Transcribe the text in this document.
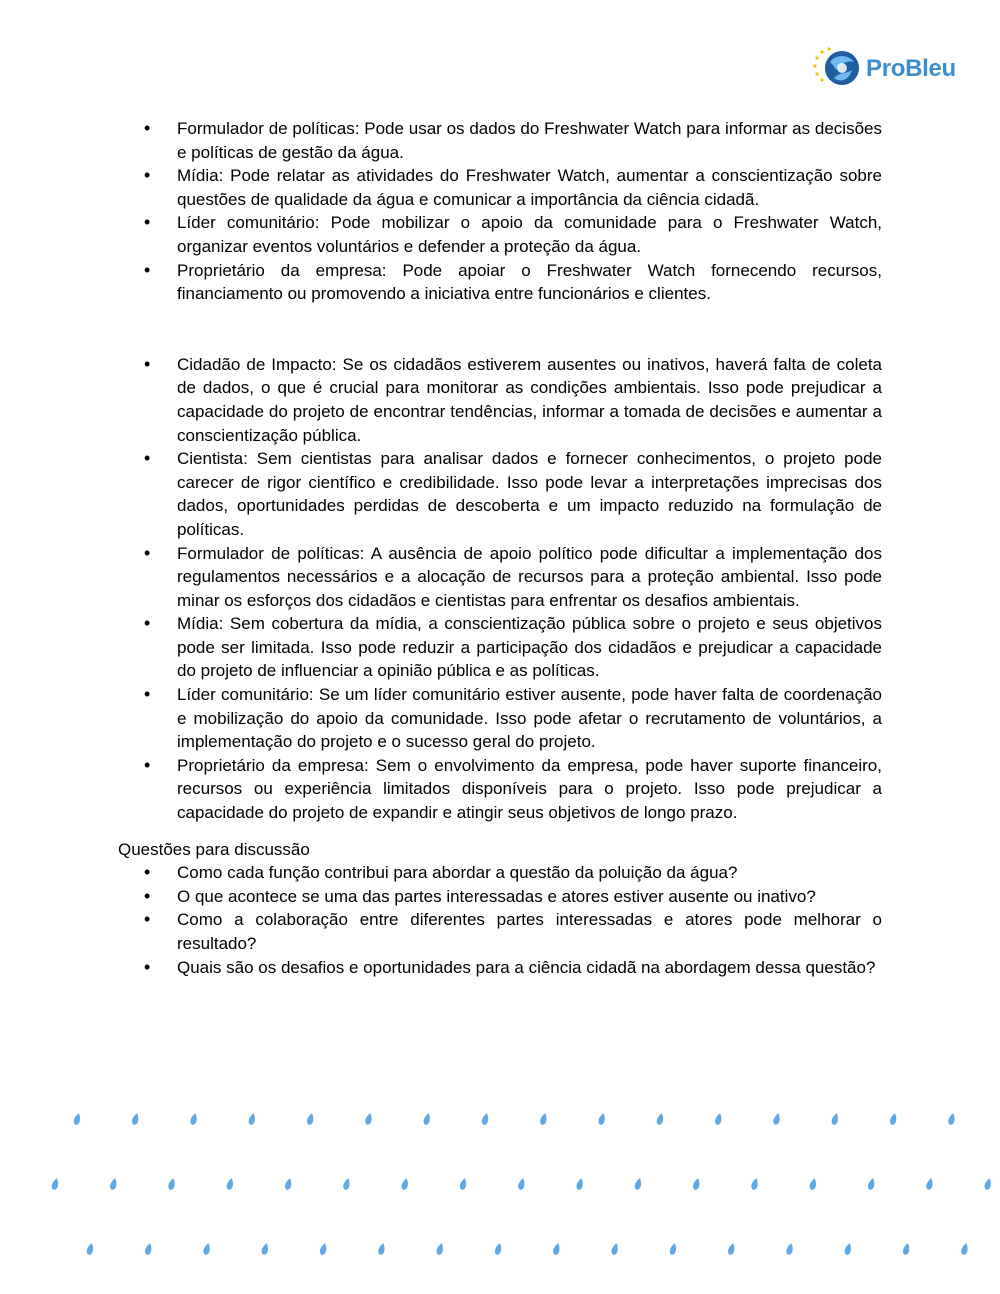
ProBleu
• Formulador de políticas: Pode usar os dados do Freshwater Watch para informar as decisões e políticas de gestão da água.
• Mídia: Pode relatar as atividades do Freshwater Watch, aumentar a conscientização sobre questões de qualidade da água e comunicar a importância da ciência cidadã.
• Líder comunitário: Pode mobilizar o apoio da comunidade para o Freshwater Watch, organizar eventos voluntários e defender a proteção da água.
• Proprietário da empresa: Pode apoiar o Freshwater Watch fornecendo recursos, financiamento ou promovendo a iniciativa entre funcionários e clientes.
• Cidadão de Impacto: Se os cidadãos estiverem ausentes ou inativos, haverá falta de coleta de dados, o que é crucial para monitorar as condições ambientais. Isso pode prejudicar a capacidade do projeto de encontrar tendências, informar a tomada de decisões e aumentar a conscientização pública.
• Cientista: Sem cientistas para analisar dados e fornecer conhecimentos, o projeto pode carecer de rigor científico e credibilidade. Isso pode levar a interpretações imprecisas dos dados, oportunidades perdidas de descoberta e um impacto reduzido na formulação de políticas.
• Formulador de políticas: A ausência de apoio político pode dificultar a implementação dos regulamentos necessários e a alocação de recursos para a proteção ambiental. Isso pode minar os esforços dos cidadãos e cientistas para enfrentar os desafios ambientais.
• Mídia: Sem cobertura da mídia, a conscientização pública sobre o projeto e seus objetivos pode ser limitada. Isso pode reduzir a participação dos cidadãos e prejudicar a capacidade do projeto de influenciar a opinião pública e as políticas.
• Líder comunitário: Se um líder comunitário estiver ausente, pode haver falta de coordenação e mobilização do apoio da comunidade. Isso pode afetar o recrutamento de voluntários, a implementação do projeto e o sucesso geral do projeto.
• Proprietário da empresa: Sem o envolvimento da empresa, pode haver suporte financeiro, recursos ou experiência limitados disponíveis para o projeto. Isso pode prejudicar a capacidade do projeto de expandir e atingir seus objetivos de longo prazo.
Questões para discussão
• Como cada função contribui para abordar a questão da poluição da água?
• O que acontece se uma das partes interessadas e atores estiver ausente ou inativo?
• Como a colaboração entre diferentes partes interessadas e atores pode melhorar o resultado?
• Quais são os desafios e oportunidades para a ciência cidadã na abordagem dessa questão?
